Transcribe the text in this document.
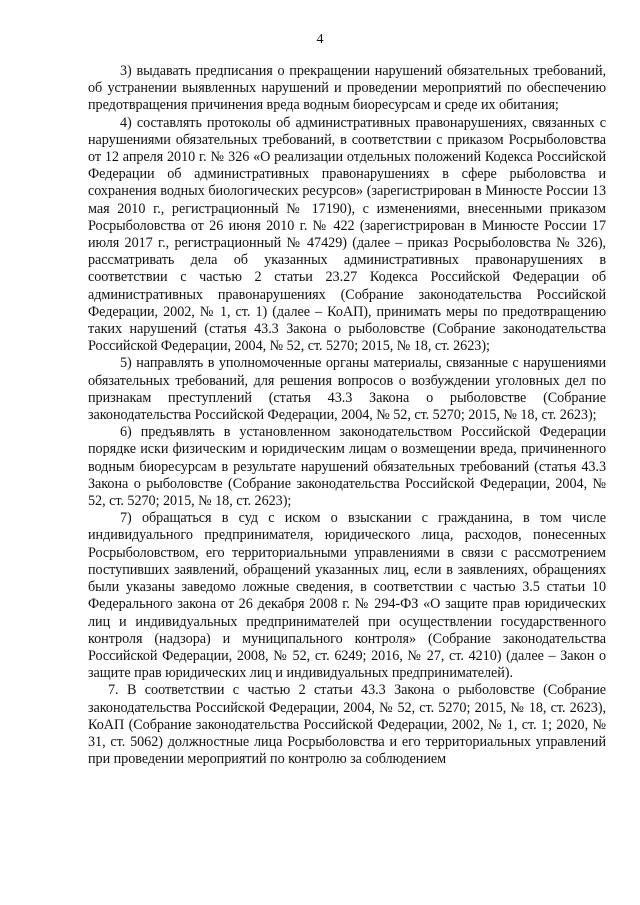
4

3) выдавать предписания о прекращении нарушений обязательных требований, об устранении выявленных нарушений и проведении мероприятий по обеспечению предотвращения причинения вреда водным биоресурсам и среде их обитания;

4) составлять протоколы об административных правонарушениях, связанных с нарушениями обязательных требований, в соответствии с приказом Росрыболовства от 12 апреля 2010 г. № 326 «О реализации отдельных положений Кодекса Российской Федерации об административных правонарушениях в сфере рыболовства и сохранения водных биологических ресурсов» (зарегистрирован в Минюсте России 13 мая 2010 г., регистрационный № 17190), с изменениями, внесенными приказом Росрыболовства от 26 июня 2010 г. № 422 (зарегистрирован в Минюсте России 17 июля 2017 г., регистрационный № 47429) (далее – приказ Росрыболовства № 326), рассматривать дела об указанных административных правонарушениях в соответствии с частью 2 статьи 23.27 Кодекса Российской Федерации об административных правонарушениях (Собрание законодательства Российской Федерации, 2002, № 1, ст. 1) (далее – КоАП), принимать меры по предотвращению таких нарушений (статья 43.3 Закона о рыболовстве (Собрание законодательства Российской Федерации, 2004, № 52, ст. 5270; 2015, № 18, ст. 2623);

5) направлять в уполномоченные органы материалы, связанные с нарушениями обязательных требований, для решения вопросов о возбуждении уголовных дел по признакам преступлений (статья 43.3 Закона о рыболовстве (Собрание законодательства Российской Федерации, 2004, № 52, ст. 5270; 2015, № 18, ст. 2623);

6) предъявлять в установленном законодательством Российской Федерации порядке иски физическим и юридическим лицам о возмещении вреда, причиненного водным биоресурсам в результате нарушений обязательных требований (статья 43.3 Закона о рыболовстве (Собрание законодательства Российской Федерации, 2004, № 52, ст. 5270; 2015, № 18, ст. 2623);

7) обращаться в суд с иском о взыскании с гражданина, в том числе индивидуального предпринимателя, юридического лица, расходов, понесенных Росрыболовством, его территориальными управлениями в связи с рассмотрением поступивших заявлений, обращений указанных лиц, если в заявлениях, обращениях были указаны заведомо ложные сведения, в соответствии с частью 3.5 статьи 10 Федерального закона от 26 декабря 2008 г. № 294-ФЗ «О защите прав юридических лиц и индивидуальных предпринимателей при осуществлении государственного контроля (надзора) и муниципального контроля» (Собрание законодательства Российской Федерации, 2008, № 52, ст. 6249; 2016, № 27, ст. 4210) (далее – Закон о защите прав юридических лиц и индивидуальных предпринимателей).

7. В соответствии с частью 2 статьи 43.3 Закона о рыболовстве (Собрание законодательства Российской Федерации, 2004, № 52, ст. 5270; 2015, № 18, ст. 2623), КоАП (Собрание законодательства Российской Федерации, 2002, № 1, ст. 1; 2020, № 31, ст. 5062) должностные лица Росрыболовства и его территориальных управлений при проведении мероприятий по контролю за соблюдением
